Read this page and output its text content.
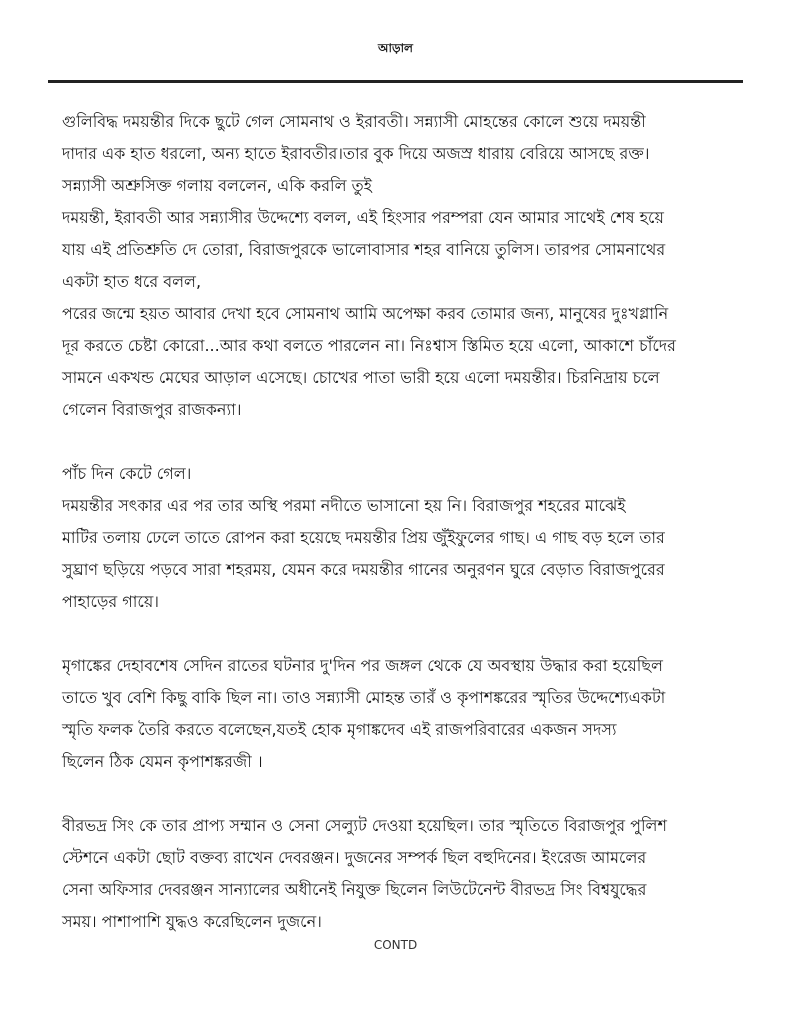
আড়াল
গুলিবিদ্ধ দময়ন্তীর দিকে ছুটে গেল সোমনাথ ও ইরাবতী। সন্ন্যাসী মোহন্তের কোলে শুয়ে দময়ন্তী
দাদার এক হাত ধরলো, অন্য হাতে ইরাবতীর।তার বুক দিয়ে অজস্র ধারায় বেরিয়ে আসছে রক্ত।
সন্ন্যাসী অশ্রুসিক্ত গলায় বললেন, একি করলি তুই
দময়ন্তী, ইরাবতী আর সন্ন্যাসীর উদ্দেশ্যে বলল, এই হিংসার পরম্পরা যেন আমার সাথেই শেষ হয়ে
যায় এই প্রতিশ্রুতি দে তোরা, বিরাজপুরকে ভালোবাসার শহর বানিয়ে তুলিস। তারপর সোমনাথের
একটা হাত ধরে বলল,
পরের জন্মে হয়ত আবার দেখা হবে সোমনাথ আমি অপেক্ষা করব তোমার জন্য, মানুষের দুঃখগ্লানি
দূর করতে চেষ্টা কোরো...আর কথা বলতে পারলেন না। নিঃশ্বাস স্তিমিত হয়ে এলো, আকাশে চাঁদের
সামনে একখন্ড মেঘের আড়াল এসেছে। চোখের পাতা ভারী হয়ে এলো দময়ন্তীর। চিরনিদ্রায় চলে
গেলেন বিরাজপুর রাজকন্যা।
পাঁচ দিন কেটে গেল।
দময়ন্তীর সৎকার এর পর তার অস্থি পরমা নদীতে ভাসানো হয় নি। বিরাজপুর শহরের মাঝেই
মাটির তলায় ঢেলে তাতে রোপন করা হয়েছে দময়ন্তীর প্রিয় জুঁইফুলের গাছ। এ গাছ বড় হলে তার
সুঘ্রাণ ছড়িয়ে পড়বে সারা শহরময়, যেমন করে দময়ন্তীর গানের অনুরণন ঘুরে বেড়াত বিরাজপুরের
পাহাড়ের গায়ে।
মৃগাঙ্কের দেহাবশেষ সেদিন রাতের ঘটনার দু'দিন পর জঙ্গল থেকে যে অবস্থায় উদ্ধার করা হয়েছিল
তাতে খুব বেশি কিছু বাকি ছিল না। তাও সন্ন্যাসী মোহন্ত তারঁ ও কৃপাশঙ্করের স্মৃতির উদ্দেশ্যেএকটা
স্মৃতি ফলক তৈরি করতে বলেছেন,যতই হোক মৃগাঙ্কদেব এই রাজপরিবারের একজন সদস্য
ছিলেন ঠিক যেমন কৃপাশঙ্করজী ।
বীরভদ্র সিং কে তার প্রাপ্য সম্মান ও সেনা সেল্যুট দেওয়া হয়েছিল। তার স্মৃতিতে বিরাজপুর পুলিশ
স্টেশনে একটা ছোট বক্তব্য রাখেন দেবরঞ্জন। দুজনের সম্পর্ক ছিল বহুদিনের। ইংরেজ আমলের
সেনা অফিসার দেবরঞ্জন সান্যালের অধীনেই নিযুক্ত ছিলেন লিউটেনেন্ট বীরভদ্র সিং বিশ্বযুদ্ধের
সময়। পাশাপাশি যুদ্ধও করেছিলেন দুজনে।
CONTD
